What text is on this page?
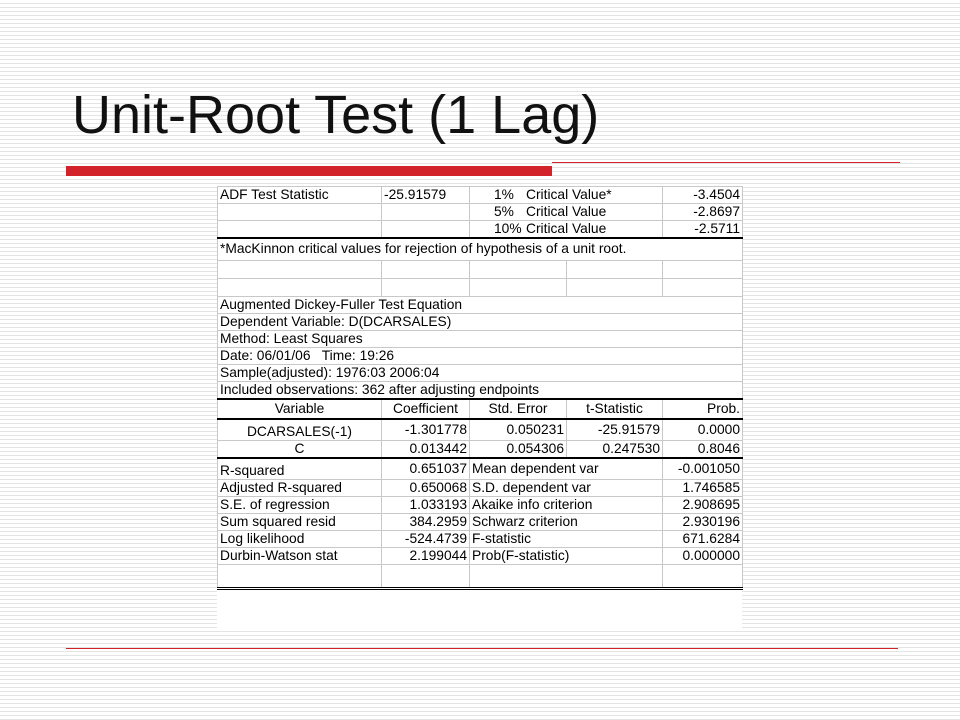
Unit-Root Test (1 Lag)
ADF Test Statistic	-25.91579	1% Critical Value*		-3.4504
		5% Critical Value		-2.8697
		10% Critical Value		-2.5711
*MacKinnon critical values for rejection of hypothesis of a unit root.				

Augmented Dickey-Fuller Test Equation				
Dependent Variable: D(DCARSALES)				
Method: Least Squares				
Date: 06/01/06   Time: 19:26				
Sample(adjusted): 1976:03 2006:04				
Included observations: 362 after adjusting endpoints				
Variable	Coefficient	Std. Error	t-Statistic	Prob.
DCARSALES(-1)	-1.301778	0.050231	-25.91579	0.0000
C	0.013442	0.054306	0.247530	0.8046
R-squared	0.651037	Mean dependent var		-0.001050
Adjusted R-squared	0.650068	S.D. dependent var		1.746585
S.E. of regression	1.033193	Akaike info criterion		2.908695
Sum squared resid	384.2959	Schwarz criterion		2.930196
Log likelihood	-524.4739	F-statistic		671.6284
Durbin-Watson stat	2.199044	Prob(F-statistic)		0.000000
